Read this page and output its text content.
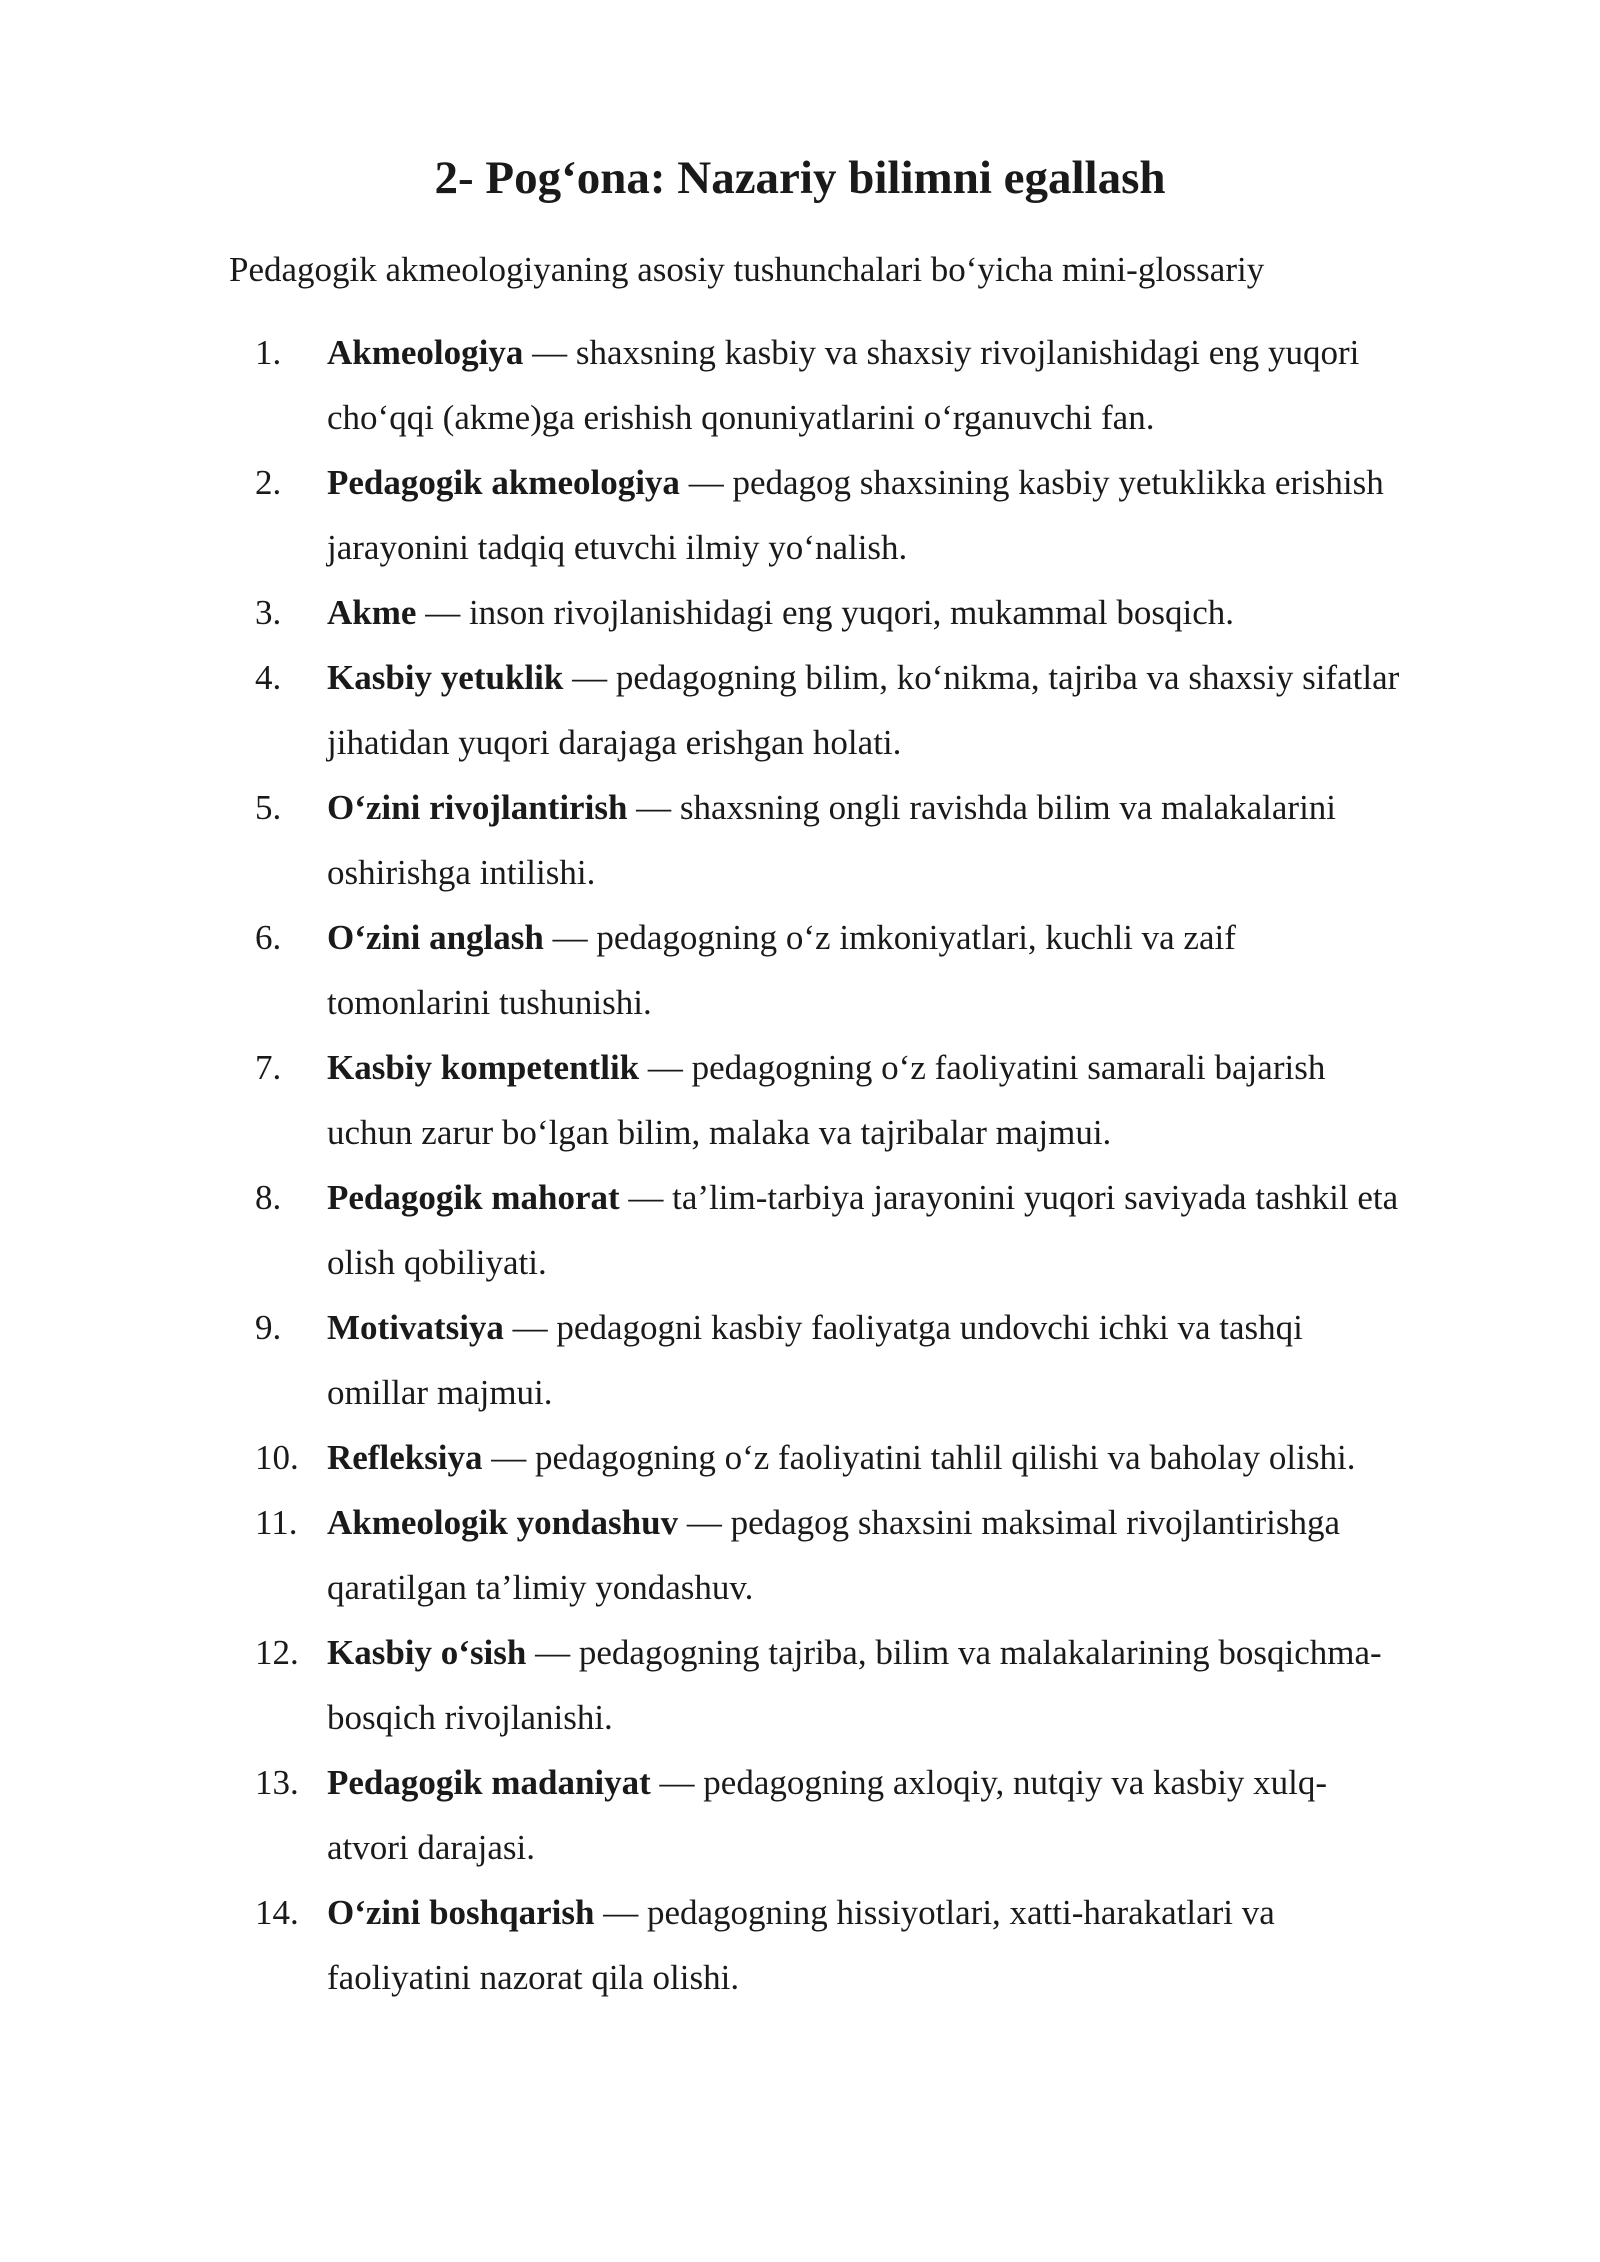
2- Pog‘ona: Nazariy bilimni egallash

Pedagogik akmeologiyaning asosiy tushunchalari bo‘yicha mini-glossariy

1.	Akmeologiya — shaxsning kasbiy va shaxsiy rivojlanishidagi eng yuqori
cho‘qqi (akme)ga erishish qonuniyatlarini o‘rganuvchi fan.
2.	Pedagogik akmeologiya — pedagog shaxsining kasbiy yetuklikka erishish
jarayonini tadqiq etuvchi ilmiy yo‘nalish.
3.	Akme — inson rivojlanishidagi eng yuqori, mukammal bosqich.
4.	Kasbiy yetuklik — pedagogning bilim, ko‘nikma, tajriba va shaxsiy sifatlar
jihatidan yuqori darajaga erishgan holati.
5.	O‘zini rivojlantirish — shaxsning ongli ravishda bilim va malakalarini
oshirishga intilishi.
6.	O‘zini anglash — pedagogning o‘z imkoniyatlari, kuchli va zaif
tomonlarini tushunishi.
7.	Kasbiy kompetentlik — pedagogning o‘z faoliyatini samarali bajarish
uchun zarur bo‘lgan bilim, malaka va tajribalar majmui.
8.	Pedagogik mahorat — ta’lim-tarbiya jarayonini yuqori saviyada tashkil eta
olish qobiliyati.
9.	Motivatsiya — pedagogni kasbiy faoliyatga undovchi ichki va tashqi
omillar majmui.
10. Refleksiya — pedagogning o‘z faoliyatini tahlil qilishi va baholay olishi.
11. Akmeologik yondashuv — pedagog shaxsini maksimal rivojlantirishga
qaratilgan ta’limiy yondashuv.
12. Kasbiy o‘sish — pedagogning tajriba, bilim va malakalarining bosqichma-
bosqich rivojlanishi.
13. Pedagogik madaniyat — pedagogning axloqiy, nutqiy va kasbiy xulq-
atvori darajasi.
14. O‘zini boshqarish — pedagogning hissiyotlari, xatti-harakatlari va
faoliyatini nazorat qila olishi.
